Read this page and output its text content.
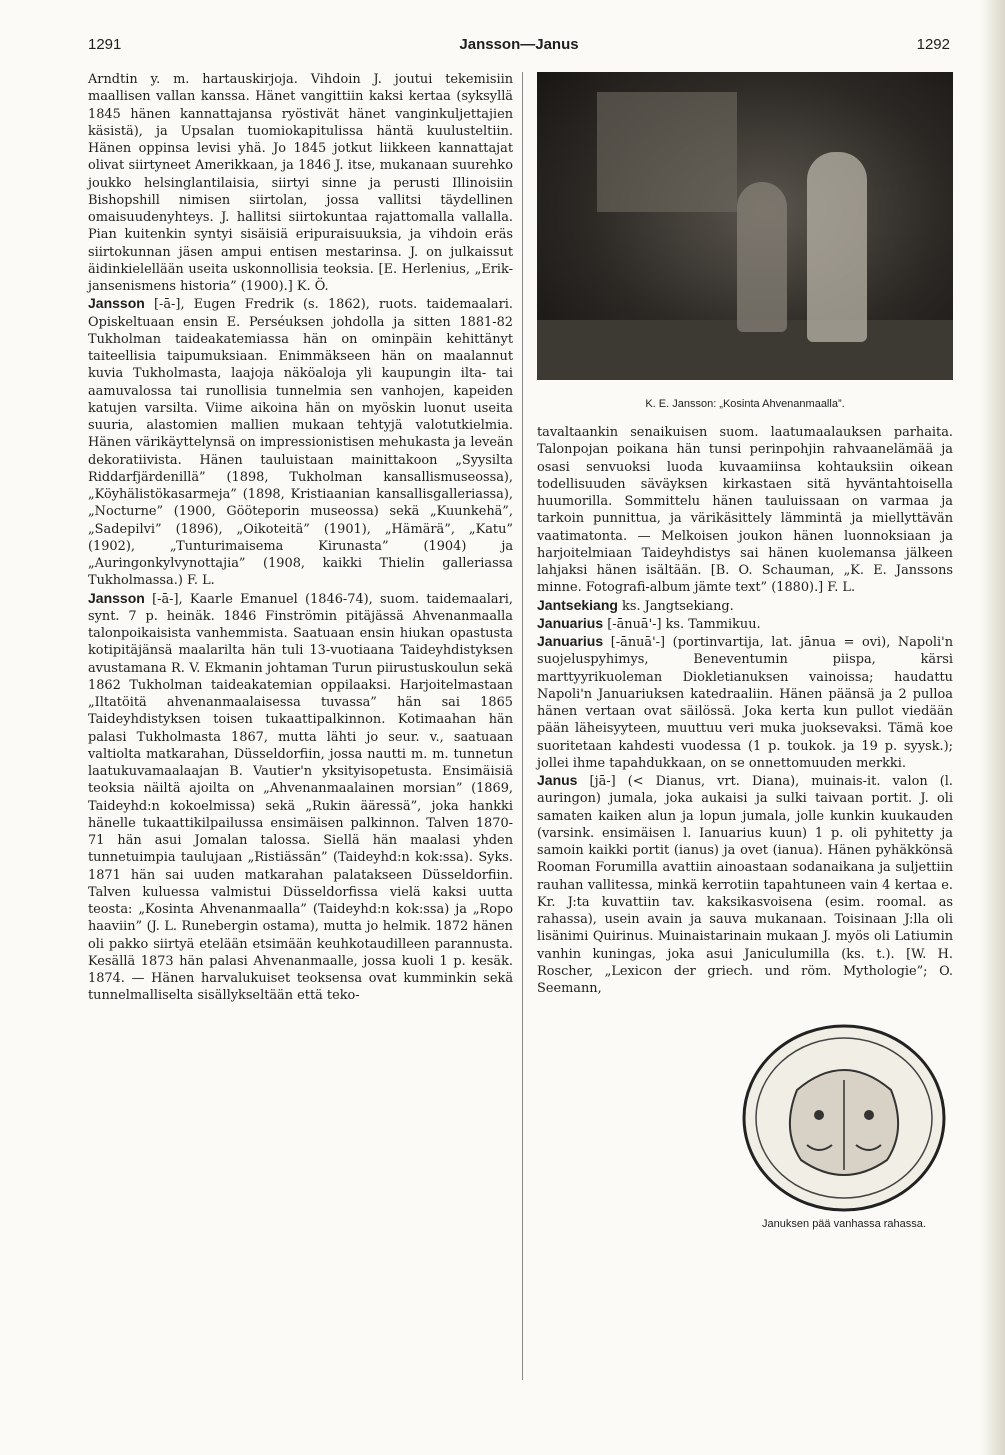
1291	Jansson—Janus	1292

Arndtin y. m. hartauskirjoja. Vihdoin J. joutui tekemisiin maallisen vallan kanssa. Hänet vangittiin kaksi kertaa (syksyllä 1845 hänen kannattajansa ryöstivät hänet vanginkuljettajien käsistä), ja Upsalan tuomiokapitulissa häntä kuulusteltiin. Hänen oppinsa levisi yhä. Jo 1845 jotkut liikkeen kannattajat olivat siirtyneet Amerikkaan, ja 1846 J. itse, mukanaan suurehko joukko helsinglantilaisia, siirtyi sinne ja perusti Illinoisiin Bishopshill nimisen siirtolan, jossa vallitsi täydellinen omaisuudenyhteys. J. hallitsi siirtokuntaa rajattomalla vallalla. Pian kuitenkin syntyi sisäisiä eripuraisuuksia, ja vihdoin eräs siirtokunnan jäsen ampui entisen mestarinsa. J. on julkaissut äidinkielellään useita uskonnollisia teoksia. [E. Herlenius, „Erik-jansenismens historia” (1900).] K. Ö.

Jansson [-ā-], Eugen Fredrik (s. 1862), ruots. taidemaalari. Opiskeltuaan ensin E. Perséuksen johdolla ja sitten 1881-82 Tukholman taideakatemiassa hän on ominpäin kehittänyt taiteellisia taipumuksiaan. Enimmäkseen hän on maalannut kuvia Tukholmasta, laajoja näköaloja yli kaupungin ilta- tai aamuvalossa tai runollisia tunnelmia sen vanhojen, kapeiden katujen varsilta. Viime aikoina hän on myöskin luonut useita suuria, alastomien mallien mukaan tehtyjä valotutkielmia. Hänen värikäyttelynsä on impressionistisen mehukasta ja leveän dekoratiivista. Hänen tauluistaan mainittakoon „Syysilta Riddarfjärdenillä” (1898, Tukholman kansallismuseossa), „Köyhälistökasarmeja” (1898, Kristiaanian kansallisgalleriassa), „Nocturne” (1900, Gööteporin museossa) sekä „Kuunkehä”, „Sadepilvi” (1896), „Oikoteitä” (1901), „Hämärä”, „Katu” (1902), „Tunturimaisema Kirunasta” (1904) ja „Auringonkylvynottajia” (1908, kaikki Thielin galleriassa Tukholmassa.) F. L.

Jansson [-ā-], Kaarle Emanuel (1846-74), suom. taidemaalari, synt. 7 p. heinäk. 1846 Finströmin pitäjässä Ahvenanmaalla talonpoikaisista vanhemmista. Saatuaan ensin hiukan opastusta kotipitäjänsä maalarilta hän tuli 13-vuotiaana Taideyhdistyksen avustamana R. V. Ekmanin johtaman Turun piirustuskoulun sekä 1862 Tukholman taideakatemian oppilaaksi. Harjoitelmastaan „Iltatöitä ahvenanmaalaisessa tuvassa” hän sai 1865 Taideyhdistyksen toisen tukaattipalkinnon. Kotimaahan hän palasi Tukholmasta 1867, mutta lähti jo seur. v., saatuaan valtiolta matkarahan, Düsseldorfiin, jossa nautti m. m. tunnetun laatukuvamaalaajan B. Vautier'n yksityisopetusta. Ensimäisiä teoksia näiltä ajoilta on „Ahvenanmaalainen morsian” (1869, Taideyhd:n kokoelmissa) sekä „Rukin ääressä”, joka hankki hänelle tukaattikilpailussa ensimäisen palkinnon. Talven 1870-71 hän asui Jomalan talossa. Siellä hän maalasi yhden tunnetuimpia taulujaan „Ristiässän” (Taideyhd:n kok:ssa). Syks. 1871 hän sai uuden matkarahan palatakseen Düsseldorfiin. Talven kuluessa valmistui Düsseldorfissa vielä kaksi uutta teosta: „Kosinta Ahvenanmaalla” (Taideyhd:n kok:ssa) ja „Ropo haaviin” (J. L. Runebergin ostama), mutta jo helmik. 1872 hänen oli pakko siirtyä etelään etsimään keuhkotaudilleen parannusta. Kesällä 1873 hän palasi Ahvenanmaalle, jossa kuoli 1 p. kesäk. 1874. — Hänen harvalukuiset teoksensa ovat kumminkin sekä tunnelmalliselta sisällykseltään että teko-

K. E. Jansson: „Kosinta Ahvenanmaalla”.

tavaltaankin senaikuisen suom. laatumaalauksen parhaita. Talonpojan poikana hän tunsi perinpohjin rahvaanelämää ja osasi senvuoksi luoda kuvaamiinsa kohtauksiin oikean todellisuuden säväyksen kirkastaen sitä hyväntahtoisella huumorilla. Sommittelu hänen tauluissaan on varmaa ja tarkoin punnittua, ja värikäsittely lämmintä ja miellyttävän vaatimatonta. — Melkoisen joukon hänen luonnoksiaan ja harjoitelmiaan Taideyhdistys sai hänen kuolemansa jälkeen lahjaksi hänen isältään. [B. O. Schauman, „K. E. Janssons minne. Fotografi-album jämte text” (1880).] F. L.

Jantsekiang ks. Jangtsekiang.

Januarius [-ānuā'-] ks. Tammikuu.

Januarius [-ānuā'-] (portinvartija, lat. jānua = ovi), Napoli'n suojeluspyhimys, Beneventumin piispa, kärsi marttyyrikuoleman Diokletianuksen vainoissa; haudattu Napoli'n Januariuksen katedraaliin. Hänen päänsä ja 2 pulloa hänen vertaan ovat säilössä. Joka kerta kun pullot viedään pään läheisyyteen, muuttuu veri muka juoksevaksi. Tämä koe suoritetaan kahdesti vuodessa (1 p. toukok. ja 19 p. syysk.); jollei ihme tapahdukkaan, on se onnettomuuden merkki.

Janus [jā-] (< Dianus, vrt. Diana), muinais-it. valon (l. auringon) jumala, joka aukaisi ja sulki taivaan portit. J. oli samaten kaiken alun ja lopun jumala, jolle kunkin kuukauden (varsink. ensimäisen l. Ianuarius kuun) 1 p. oli pyhitetty ja samoin kaikki portit (ianus) ja ovet (ianua). Hänen pyhäkkönsä Rooman Forumilla avattiin ainoastaan sodanaikana ja suljettiin rauhan vallitessa, minkä kerrotiin tapahtuneen vain 4 kertaa e. Kr. J:ta kuvattiin tav. kaksikasvoisena (esim. roomal. as rahassa), usein avain ja sauva mukanaan. Toisinaan J:lla oli lisänimi Quirinus. Muinaistarinain mukaan J. myös oli Latiumin vanhin kuningas, joka asui Janiculumilla (ks. t.). [W. H. Roscher, „Lexicon der griech. und röm. Mythologie”; O. Seemann,

Januksen pää vanhassa rahassa.
